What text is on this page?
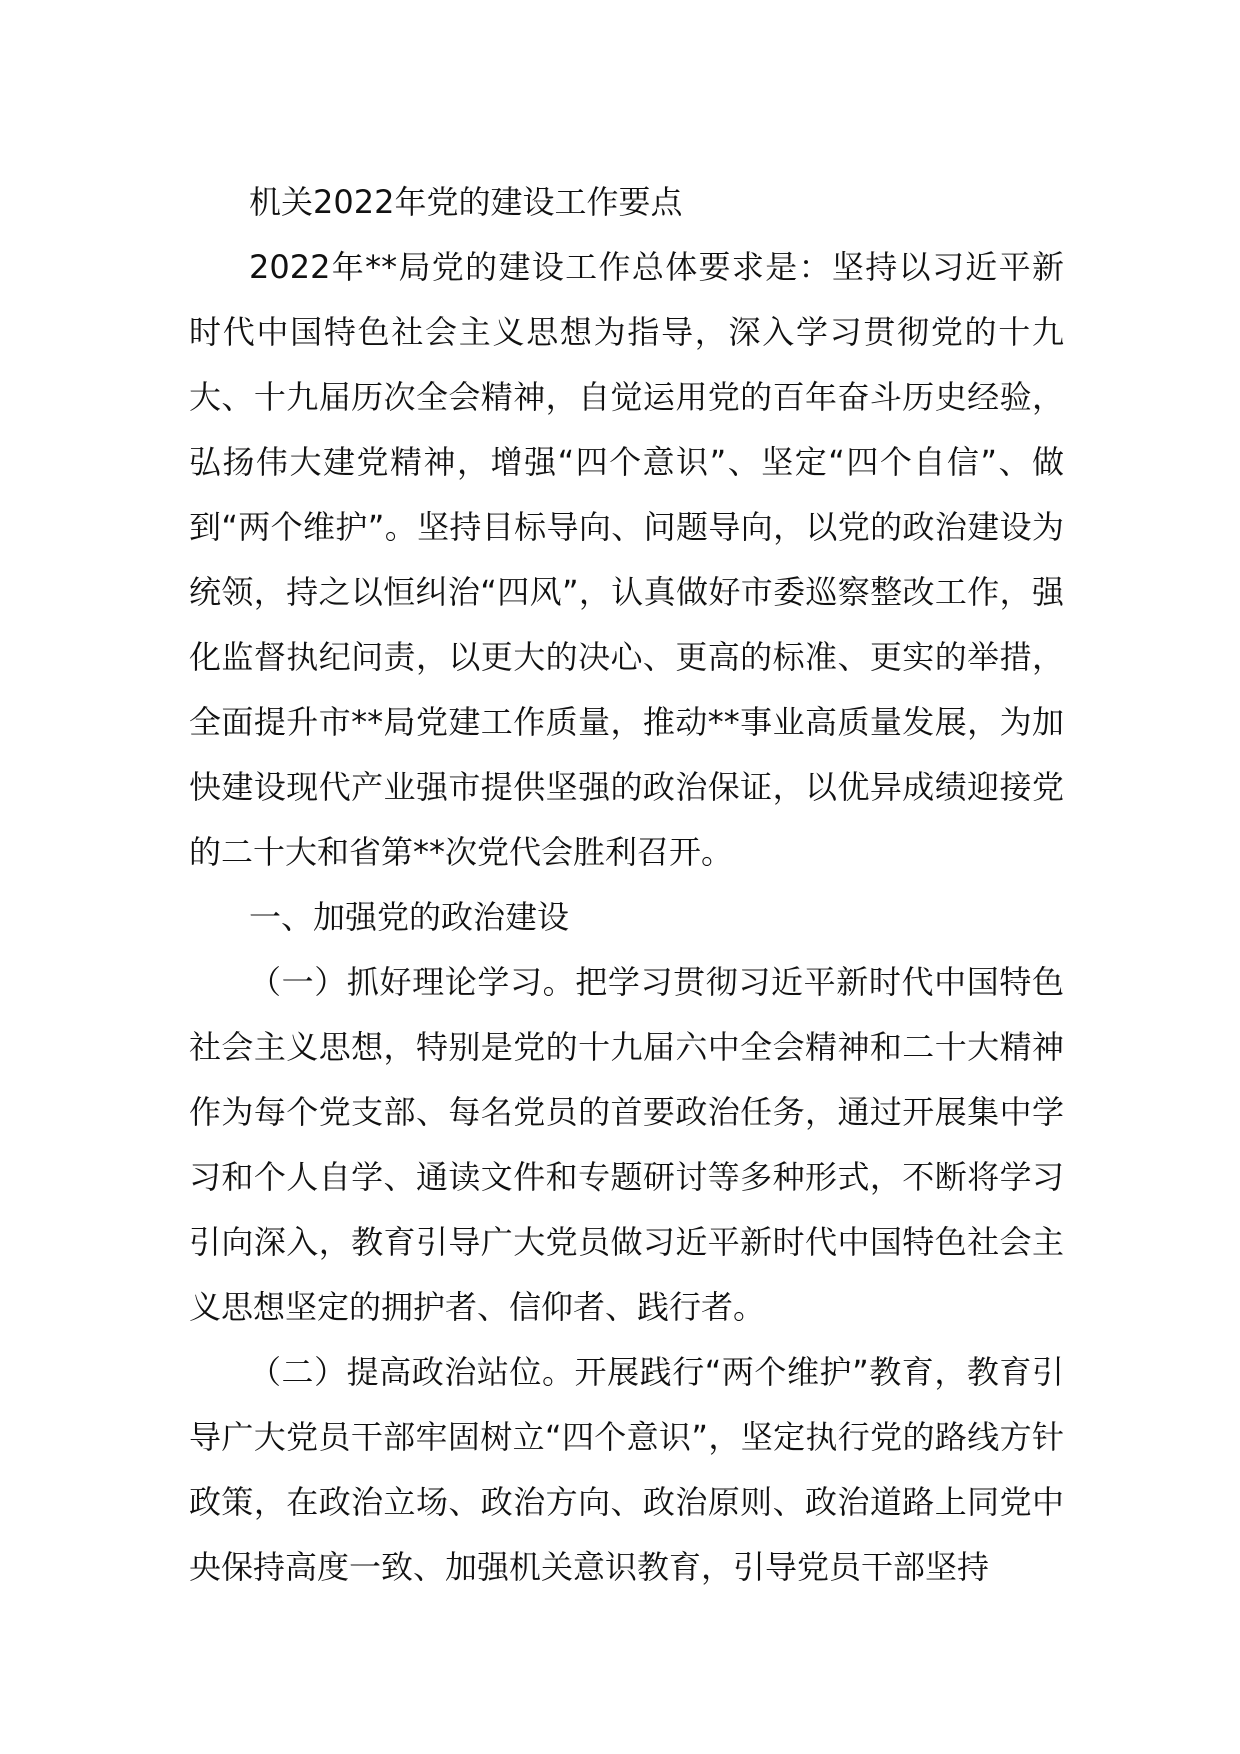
机关2022年党的建设工作要点

2022年**局党的建设工作总体要求是：坚持以习近平新时代中国特色社会主义思想为指导，深入学习贯彻党的十九大、十九届历次全会精神，自觉运用党的百年奋斗历史经验，弘扬伟大建党精神，增强“四个意识”、坚定“四个自信”、做到“两个维护”。坚持目标导向、问题导向，以党的政治建设为统领，持之以恒纠治“四风”，认真做好市委巡察整改工作，强化监督执纪问责，以更大的决心、更高的标准、更实的举措，全面提升市**局党建工作质量，推动**事业高质量发展，为加快建设现代产业强市提供坚强的政治保证，以优异成绩迎接党的二十大和省第**次党代会胜利召开。

一、加强党的政治建设

（一）抓好理论学习。把学习贯彻习近平新时代中国特色社会主义思想，特别是党的十九届六中全会精神和二十大精神作为每个党支部、每名党员的首要政治任务，通过开展集中学习和个人自学、通读文件和专题研讨等多种形式，不断将学习引向深入，教育引导广大党员做习近平新时代中国特色社会主义思想坚定的拥护者、信仰者、践行者。

（二）提高政治站位。开展践行“两个维护”教育，教育引导广大党员干部牢固树立“四个意识”，坚定执行党的路线方针政策，在政治立场、政治方向、政治原则、政治道路上同党中央保持高度一致、加强机关意识教育，引导党员干部坚持
